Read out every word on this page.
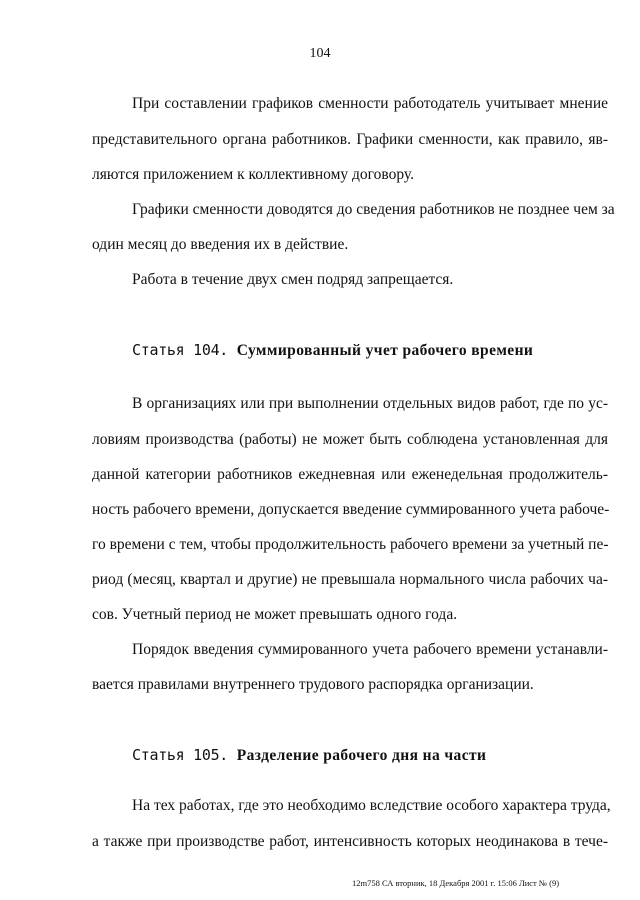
104
При составлении графиков сменности работодатель учитывает мнение
представительного органа работников. Графики сменности, как правило, яв-
ляются приложением к коллективному договору.
Графики сменности доводятся до сведения работников не позднее чем за
один месяц до введения их в действие.
Работа в течение двух смен подряд запрещается.
Статья 104. Суммированный учет рабочего времени
В организациях или при выполнении отдельных видов работ, где по ус-
ловиям производства (работы) не может быть соблюдена установленная для
данной категории работников ежедневная или еженедельная продолжитель-
ность рабочего времени, допускается введение суммированного учета рабоче-
го времени с тем, чтобы продолжительность рабочего времени за учетный пе-
риод (месяц, квартал и другие) не превышала нормального числа рабочих ча-
сов. Учетный период не может превышать одного года.
Порядок введения суммированного учета рабочего времени устанавли-
вается правилами внутреннего трудового распорядка организации.
Статья 105. Разделение рабочего дня на части
На тех работах, где это необходимо вследствие особого характера труда,
а также при производстве работ, интенсивность которых неодинакова в тече-
12m758 СА вторник, 18 Декабря 2001 г. 15:06 Лист № (9)
